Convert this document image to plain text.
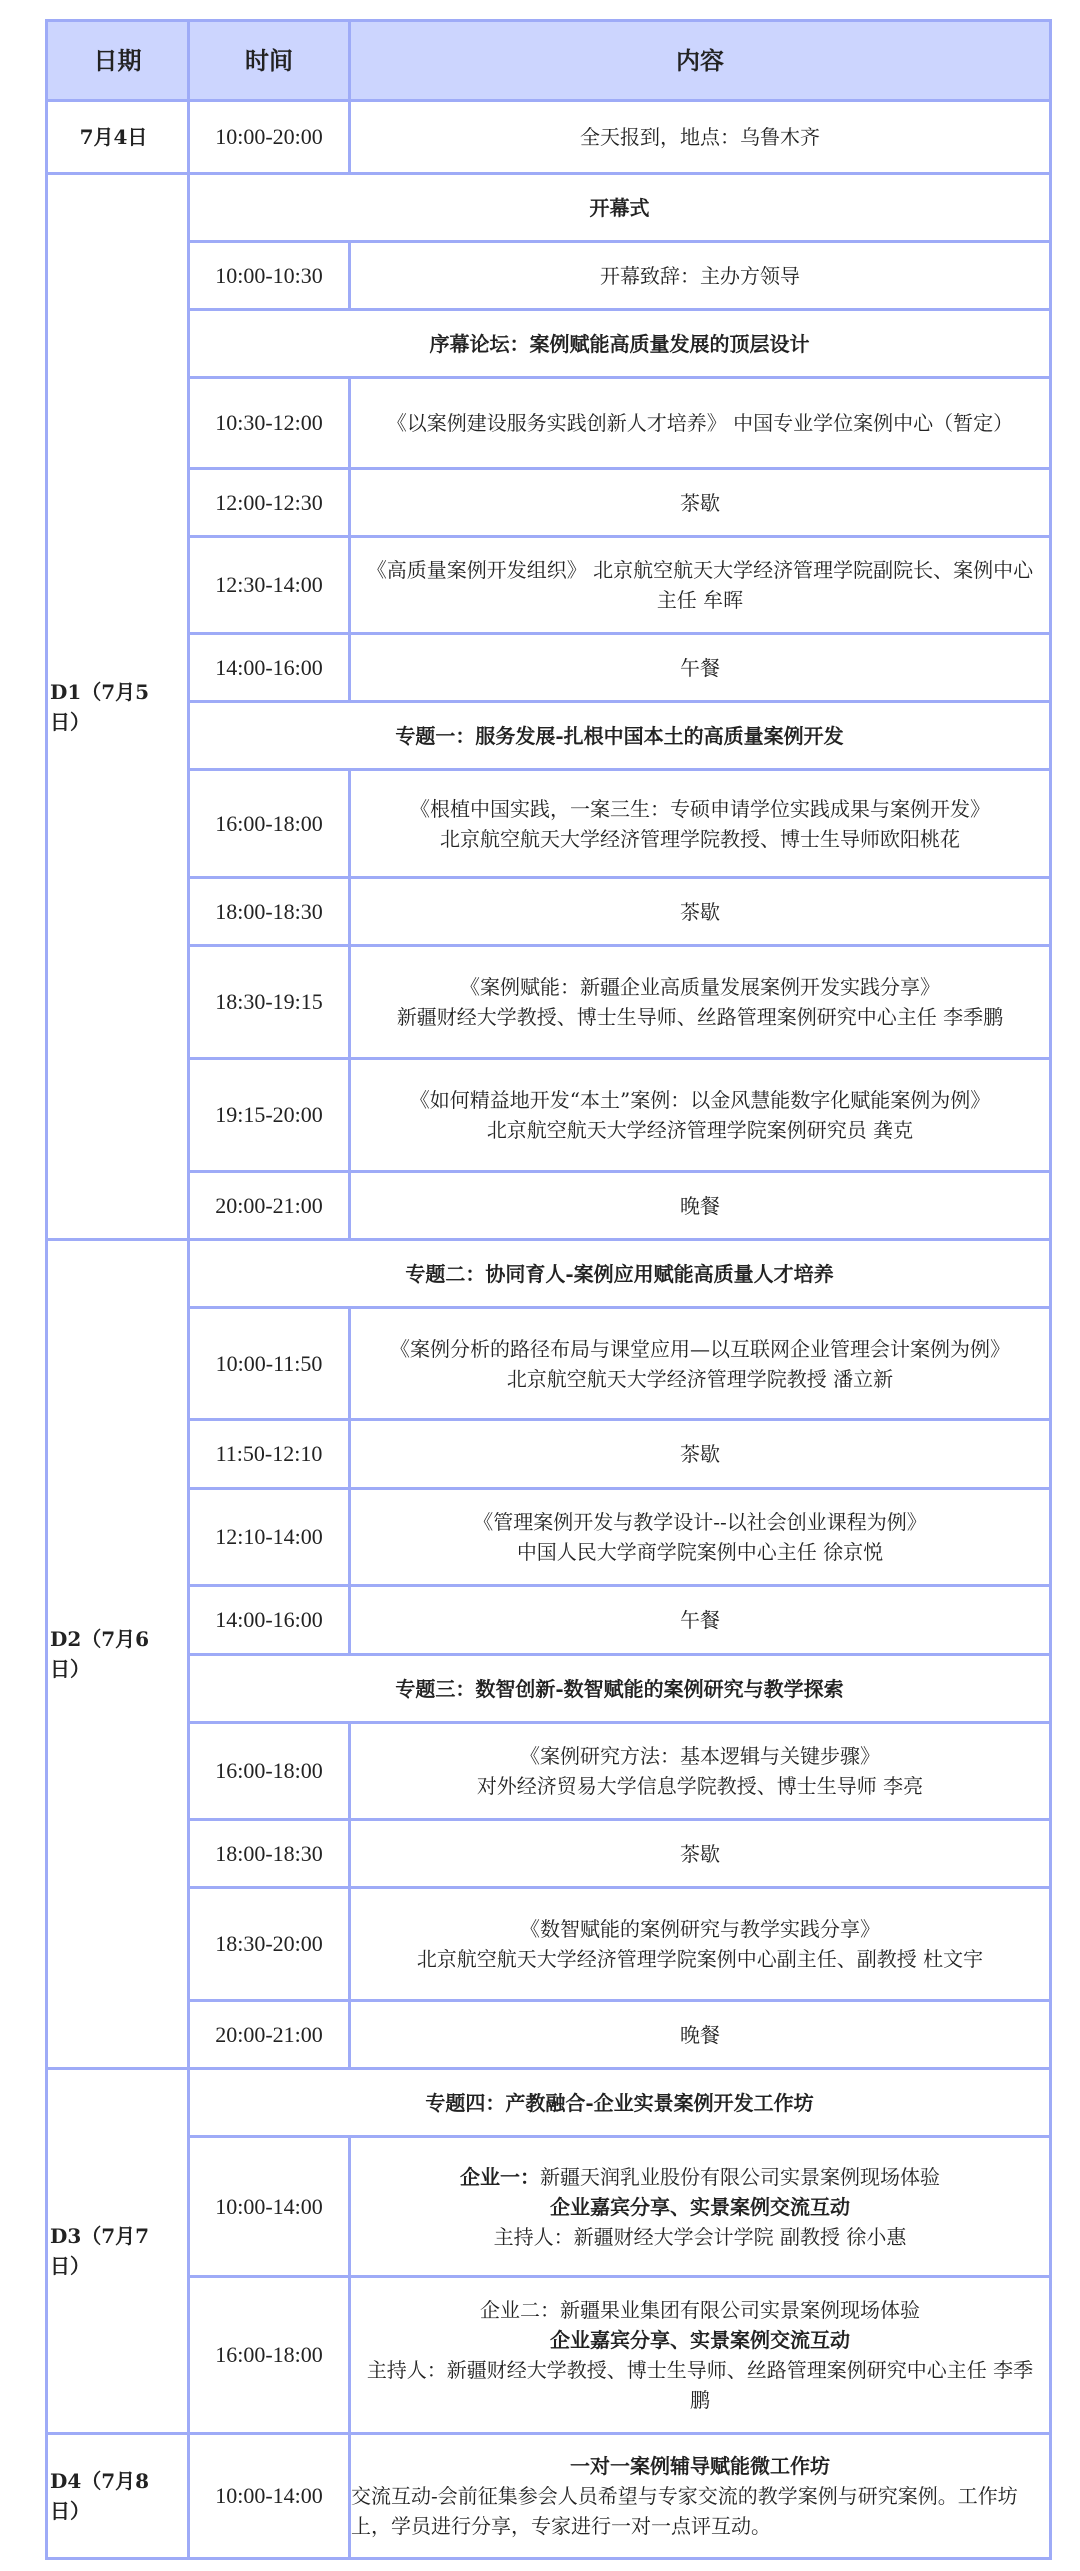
日期	时间	内容
7月4日	10:00-20:00	全天报到，地点：乌鲁木齐

D1（7月5日）	开幕式	
	10:00-10:30	开幕致辞：主办方领导

	序幕论坛：案例赋能高质量发展的顶层设计	
	10:30-12:00	《以案例建设服务实践创新人才培养》 中国专业学位案例中心（暂定）

	12:00-12:30	茶歇

	12:30-14:00	《高质量案例开发组织》 北京航空航天大学经济管理学院副院长、案例中心主任 牟晖

	14:00-16:00	午餐

	专题一：服务发展-扎根中国本土的高质量案例开发	
	16:00-18:00	《根植中国实践，一案三生：专硕申请学位实践成果与案例开发》
北京航空航天大学经济管理学院教授、博士生导师欧阳桃花

	18:00-18:30	茶歇

	18:30-19:15	《案例赋能：新疆企业高质量发展案例开发实践分享》
新疆财经大学教授、博士生导师、丝路管理案例研究中心主任 李季鹏

	19:15-20:00	《如何精益地开发“本土”案例：以金风慧能数字化赋能案例为例》
北京航空航天大学经济管理学院案例研究员 龚克

	20:00-21:00	晚餐

D2（7月6日）	专题二：协同育人-案例应用赋能高质量人才培养	
	10:00-11:50	《案例分析的路径布局与课堂应用—以互联网企业管理会计案例为例》
北京航空航天大学经济管理学院教授 潘立新

	11:50-12:10	茶歇

	12:10-14:00	《管理案例开发与教学设计--以社会创业课程为例》
中国人民大学商学院案例中心主任 徐京悦

	14:00-16:00	午餐

	专题三：数智创新-数智赋能的案例研究与教学探索	
	16:00-18:00	《案例研究方法：基本逻辑与关键步骤》
对外经济贸易大学信息学院教授、博士生导师 李亮

	18:00-18:30	茶歇

	18:30-20:00	《数智赋能的案例研究与教学实践分享》
北京航空航天大学经济管理学院案例中心副主任、副教授 杜文宇

	20:00-21:00	晚餐

D3（7月7日）	专题四：产教融合-企业实景案例开发工作坊	
	10:00-14:00	企业一：新疆天润乳业股份有限公司实景案例现场体验
企业嘉宾分享、实景案例交流互动
主持人：新疆财经大学会计学院 副教授 徐小惠

	16:00-18:00	企业二：新疆果业集团有限公司实景案例现场体验
企业嘉宾分享、实景案例交流互动
主持人：新疆财经大学教授、博士生导师、丝路管理案例研究中心主任 李季鹏

D4（7月8日）	10:00-14:00	一对一案例辅导赋能微工作坊
交流互动-会前征集参会人员希望与专家交流的教学案例与研究案例。工作坊上，学员进行分享，专家进行一对一点评互动。
